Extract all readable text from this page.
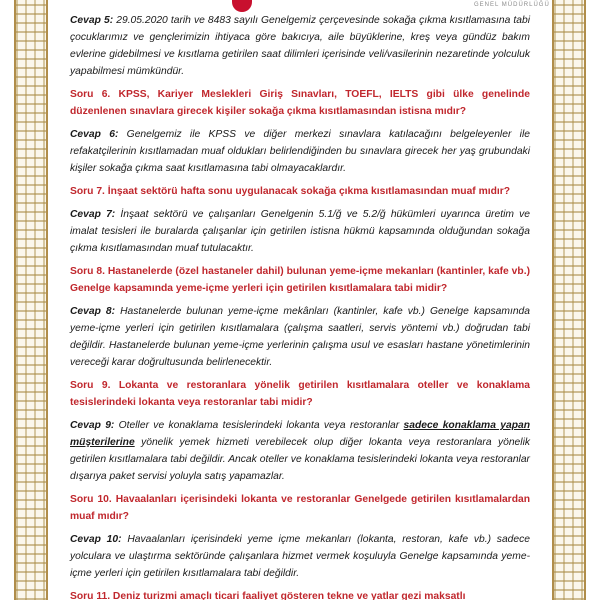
GENEL MÜDÜRLÜĞÜ

Cevap 5: 29.05.2020 tarih ve 8483 sayılı Genelgemiz çerçevesinde sokağa çıkma kısıtlamasına tabi çocuklarımız ve gençlerimizin ihtiyaca göre bakıcıya, aile büyüklerine, kreş veya gündüz bakım evlerine gidebilmesi ve kısıtlama getirilen saat dilimleri içerisinde veli/vasilerinin nezaretinde yolculuk yapabilmesi mümkündür.

Soru 6. KPSS, Kariyer Meslekleri Giriş Sınavları, TOEFL, IELTS gibi ülke genelinde düzenlenen sınavlara girecek kişiler sokağa çıkma kısıtlamasından istisna mıdır?

Cevap 6: Genelgemiz ile KPSS ve diğer merkezi sınavlara katılacağını belgeleyenler ile refakatçilerinin kısıtlamadan muaf oldukları belirlendiğinden bu sınavlara girecek her yaş grubundaki kişiler sokağa çıkma saat kısıtlamasına tabi olmayacaklardır.

Soru 7. İnşaat sektörü hafta sonu uygulanacak sokağa çıkma kısıtlamasından muaf mıdır?

Cevap 7: İnşaat sektörü ve çalışanları Genelgenin 5.1/ğ ve 5.2/ğ hükümleri uyarınca üretim ve imalat tesisleri ile buralarda çalışanlar için getirilen istisna hükmü kapsamında olduğundan sokağa çıkma kısıtlamasından muaf tutulacaktır.

Soru 8. Hastanelerde (özel hastaneler dahil) bulunan yeme-içme mekanları (kantinler, kafe vb.) Genelge kapsamında yeme-içme yerleri için getirilen kısıtlamalara tabi midir?

Cevap 8: Hastanelerde bulunan yeme-içme mekânları (kantinler, kafe vb.) Genelge kapsamında yeme-içme yerleri için getirilen kısıtlamalara (çalışma saatleri, servis yöntemi vb.) doğrudan tabi değildir. Hastanelerde bulunan yeme-içme yerlerinin çalışma usul ve esasları hastane yönetimlerinin vereceği karar doğrultusunda belirlenecektir.

Soru 9. Lokanta ve restoranlara yönelik getirilen kısıtlamalara oteller ve konaklama tesislerindeki lokanta veya restoranlar tabi midir?

Cevap 9: Oteller ve konaklama tesislerindeki lokanta veya restoranlar sadece konaklama yapan müşterilerine yönelik yemek hizmeti verebilecek olup diğer lokanta veya restoranlara yönelik getirilen kısıtlamalara tabi değildir. Ancak oteller ve konaklama tesislerindeki lokanta veya restoranlar dışarıya paket servisi yoluyla satış yapamazlar.

Soru 10. Havaalanları içerisindeki lokanta ve restoranlar Genelgede getirilen kısıtlamalardan muaf mıdır?

Cevap 10: Havaalanları içerisindeki yeme içme mekanları (lokanta, restoran, kafe vb.) sadece yolculara ve ulaştırma sektöründe çalışanlara hizmet vermek koşuluyla Genelge kapsamında yeme-içme yerleri için getirilen kısıtlamalara tabi değildir.

Soru 11. Deniz turizmi amaçlı ticari faaliyet gösteren tekne ve yatlar gezi maksatlı
